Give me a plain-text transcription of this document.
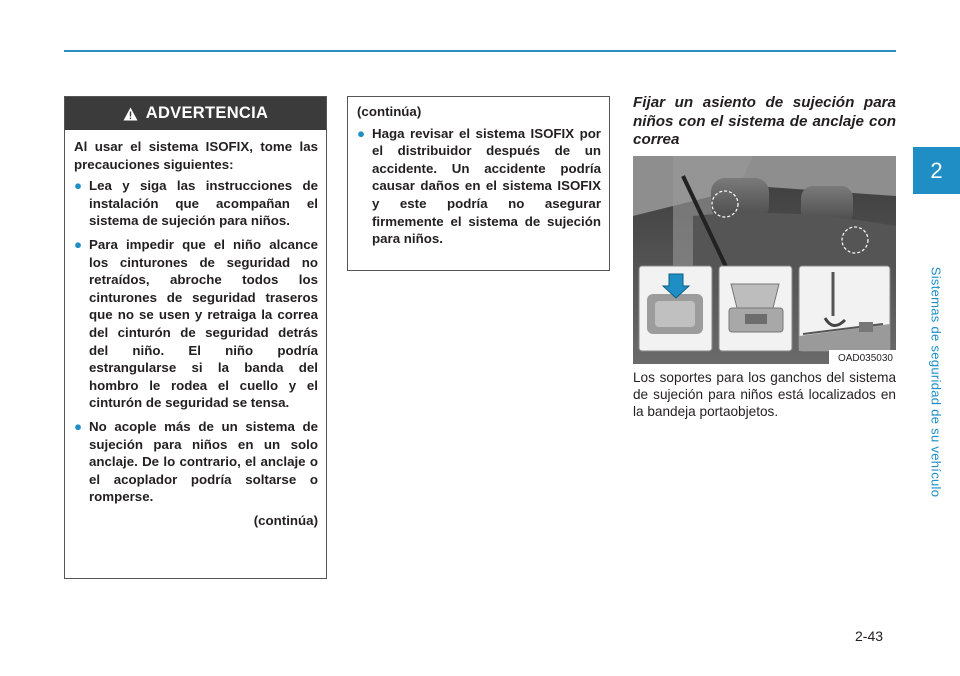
2
Sistemas de seguridad de su vehículo
ADVERTENCIA

Al usar el sistema ISOFIX, tome las precauciones siguientes:

● Lea y siga las instrucciones de instalación que acompañan el sistema de sujeción para niños.
● Para impedir que el niño alcance los cinturones de seguridad no retraídos, abroche todos los cinturones de seguridad traseros que no se usen y retraiga la correa del cinturón de seguridad detrás del niño. El niño podría estrangularse si la banda del hombro le rodea el cuello y el cinturón de seguridad se tensa.
● No acople más de un sistema de sujeción para niños en un solo anclaje. De lo contrario, el anclaje o el acoplador podría soltarse o romperse.
(continúa)

(continúa)

● Haga revisar el sistema ISOFIX por el distribuidor después de un accidente. Un accidente podría causar daños en el sistema ISOFIX y este podría no asegurar firmemente el sistema de sujeción para niños.
Fijar un asiento de sujeción para niños con el sistema de anclaje con correa
OAD035030

Los soportes para los ganchos del sistema de sujeción para niños está localizados en la bandeja portaobjetos.

2-43
